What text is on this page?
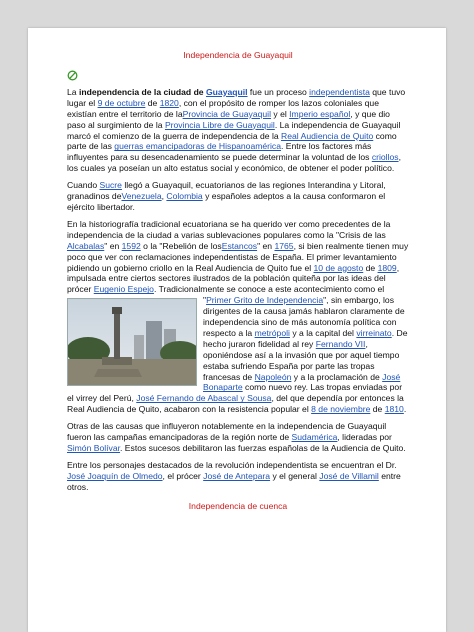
Independencia de Guayaquil

La independencia de la ciudad de Guayaquil fue un proceso independentista que tuvo lugar el 9 de octubre de 1820, con el propósito de romper los lazos coloniales que existían entre el territorio de laProvincia de Guayaquil y el Imperio español, y que dio paso al surgimiento de la Provincia Libre de Guayaquil. La independencia de Guayaquil marcó el comienzo de la guerra de independencia de la Real Audiencia de Quito como parte de las guerras emancipadoras de Hispanoamérica. Entre los factores más influyentes para su desencadenamiento se puede determinar la voluntad de los criollos, los cuales ya poseían un alto estatus social y económico, de obtener el poder político.

Cuando Sucre llegó a Guayaquil, ecuatorianos de las regiones Interandina y Litoral, granadinos deVenezuela, Colombia y españoles adeptos a la causa conformaron el ejército libertador.

En la historiografía tradicional ecuatoriana se ha querido ver como precedentes de la independencia de la ciudad a varias sublevaciones populares como la "Crisis de las Alcabalas" en 1592 o la "Rebelión de losEstancos" en 1765, si bien realmente tienen muy poco que ver con reclamaciones independentistas de España. El primer levantamiento pidiendo un gobierno criollo en la Real Audiencia de Quito fue el 10 de agosto de 1809, impulsada entre ciertos sectores ilustrados de la población quiteña por las ideas del prócer Eugenio Espejo. Tradicionalmente se conoce a este acontecimiento como el "Primer Grito de Independencia",
sin embargo, los dirigentes de la causa jamás hablaron claramente de independencia sino de más autonomía política con respecto a la metrópoli y a la capital del virreinato. De hecho juraron fidelidad al rey Fernando VII, oponiéndose así a la invasión que por aquel tiempo estaba sufriendo España por parte las tropas francesas de Napoleón y a la proclamación de José Bonaparte como nuevo rey. Las tropas enviadas por el virrey del Perú, José Fernando de Abascal y Sousa, del que dependía por entonces la Real Audiencia de Quito, acabaron con la resistencia popular el 8 de noviembre de 1810.

Otras de las causas que influyeron notablemente en la independencia de Guayaquil fueron las campañas emancipadoras de la región norte de Sudamérica, lideradas por Simón Bolívar. Estos sucesos debilitaron las fuerzas españolas de la Audiencia de Quito.

Entre los personajes destacados de la revolución independentista se encuentran el Dr. José Joaquín de Olmedo, el prócer José de Antepara y el general José de Villamil entre otros.

Independencia de cuenca
